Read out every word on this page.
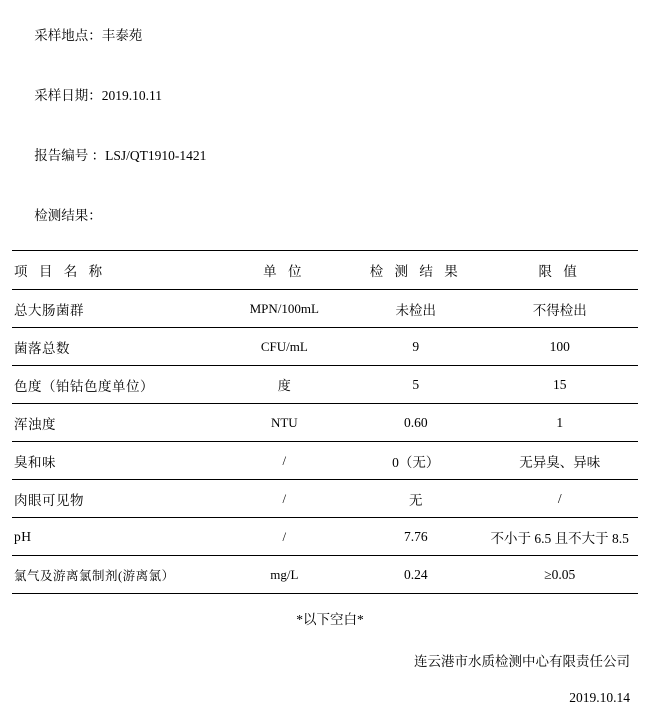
采样地点：丰泰苑

采样日期：2019.10.11

报告编号 ：LSJ/QT1910-1421

检测结果：

项 目 名 称	单 位	检 测 结 果	限 值
总大肠菌群	MPN/100mL	未检出	不得检出
菌落总数	CFU/mL	9	100
色度（铂钴色度单位）	度	5	15
浑浊度	NTU	0.60	1
臭和味	/	0（无）	无异臭、异味
肉眼可见物	/	无	/
pH	/	7.76	不小于 6.5 且不大于 8.5
氯气及游离氯制剂(游离氯）	mg/L	0.24	≥0.05
*以下空白*
连云港市水质检测中心有限责任公司
2019.10.14
